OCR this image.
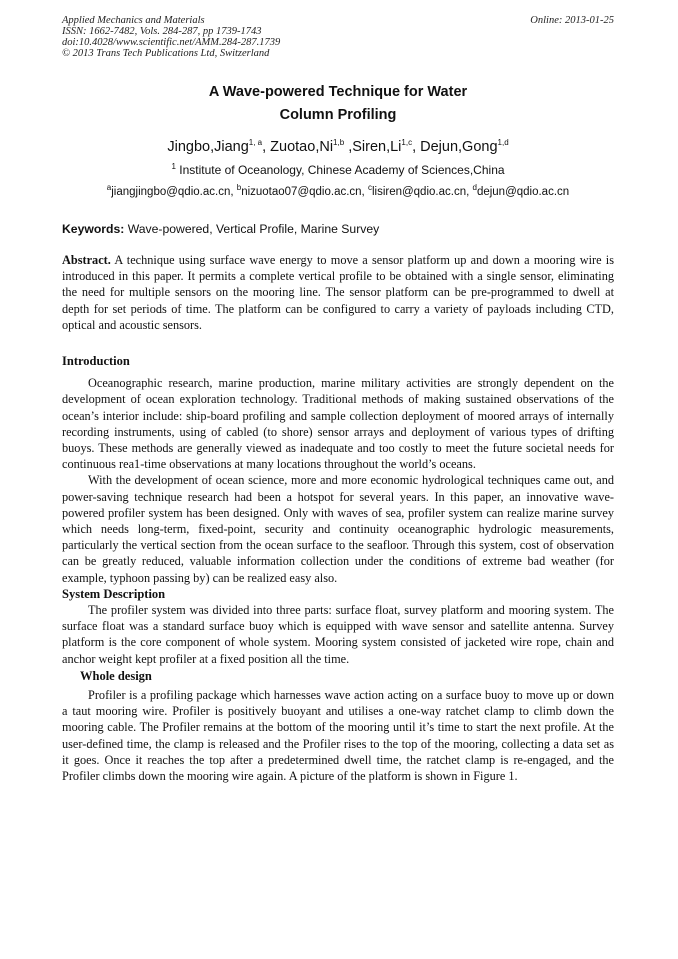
Applied Mechanics and Materials
ISSN: 1662-7482, Vols. 284-287, pp 1739-1743
doi:10.4028/www.scientific.net/AMM.284-287.1739
© 2013 Trans Tech Publications Ltd, Switzerland
Online: 2013-01-25
A Wave-powered Technique for Water
Column Profiling
Jingbo,Jiang$^{1, a}$, Zuotao,Ni$^{1,b}$ ,Siren,Li$^{1,c}$, Dejun,Gong$^{1,d}$
$^1$ Institute of Oceanology, Chinese Academy of Sciences,China
$^a$jiangjingbo@qdio.ac.cn, $^b$nizuotao07@qdio.ac.cn, $^c$lisiren@qdio.ac.cn, $^d$dejun@qdio.ac.cn
Keywords: Wave-powered, Vertical Profile, Marine Survey
Abstract. A technique using surface wave energy to move a sensor platform up and down a mooring wire is introduced in this paper. It permits a complete vertical profile to be obtained with a single sensor, eliminating the need for multiple sensors on the mooring line. The sensor platform can be pre-programmed to dwell at depth for set periods of time. The platform can be configured to carry a variety of payloads including CTD, optical and acoustic sensors.
Introduction

Oceanographic research, marine production, marine military activities are strongly dependent on the development of ocean exploration technology. Traditional methods of making sustained observations of the ocean’s interior include: ship-board profiling and sample collection deployment of moored arrays of internally recording instruments, using of cabled (to shore) sensor arrays and deployment of various types of drifting buoys. These methods are generally viewed as inadequate and too costly to meet the future societal needs for continuous rea1-time observations at many locations throughout the world’s oceans.

With the development of ocean science, more and more economic hydrological techniques came out, and power-saving technique research had been a hotspot for several years. In this paper, an innovative wave-powered profiler system has been designed. Only with waves of sea, profiler system can realize marine survey which needs long-term, fixed-point, security and continuity oceanographic hydrologic measurements, particularly the vertical section from the ocean surface to the seafloor. Through this system, cost of observation can be greatly reduced, valuable information collection under the conditions of extreme bad weather (for example, typhoon passing by) can be realized easy also.

System Description

The profiler system was divided into three parts: surface float, survey platform and mooring system. The surface float was a standard surface buoy which is equipped with wave sensor and satellite antenna. Survey platform is the core component of whole system. Mooring system consisted of jacketed wire rope, chain and anchor weight kept profiler at a fixed position all the time.

Whole design

Profiler is a profiling package which harnesses wave action acting on a surface buoy to move up or down a taut mooring wire. Profiler is positively buoyant and utilises a one-way ratchet clamp to climb down the mooring cable. The Profiler remains at the bottom of the mooring until it’s time to start the next profile. At the user-defined time, the clamp is released and the Profiler rises to the top of the mooring, collecting a data set as it goes. Once it reaches the top after a predetermined dwell time, the ratchet clamp is re-engaged, and the Profiler climbs down the mooring wire again. A picture of the platform is shown in Figure 1.
